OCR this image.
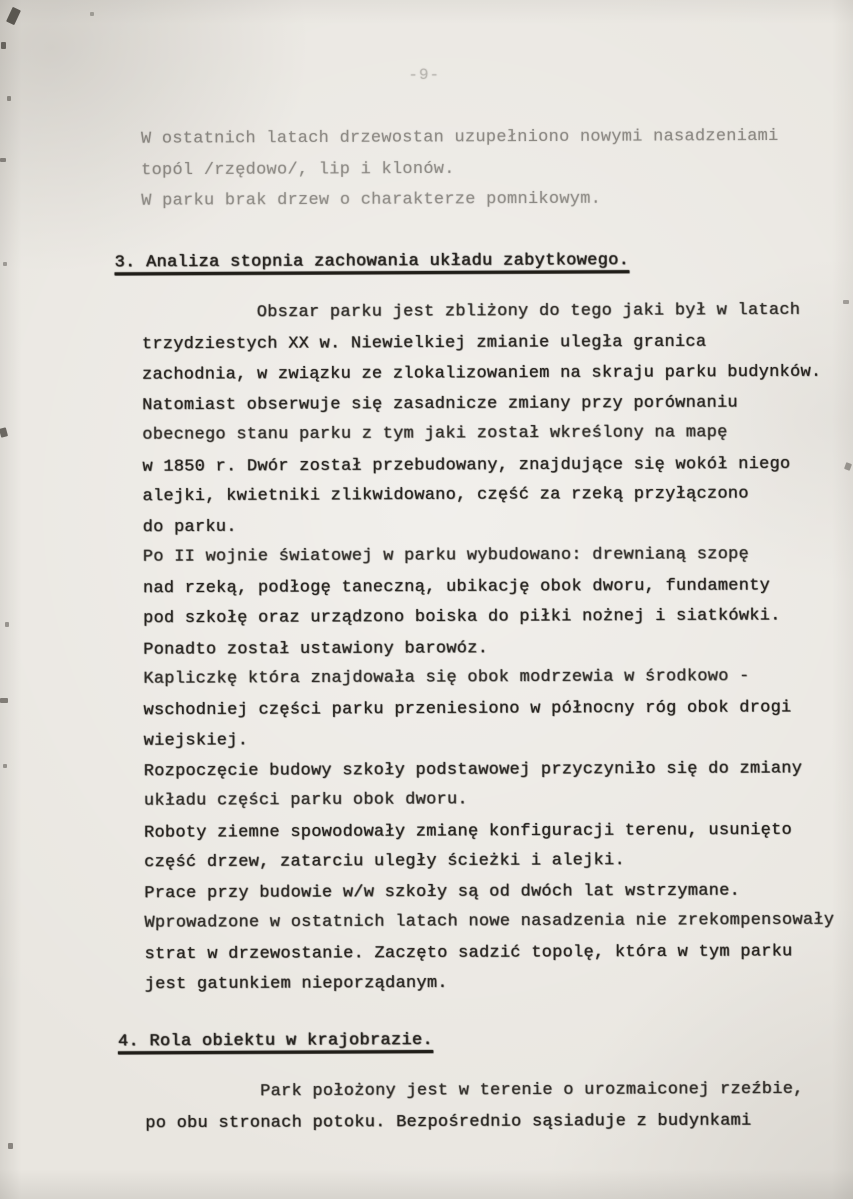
-9-
W ostatnich latach drzewostan uzupełniono nowymi nasadzeniami
topól /rzędowo/, lip i klonów.
W parku brak drzew o charakterze pomnikowym.
3. Analiza stopnia zachowania układu zabytkowego.
Obszar parku jest zbliżony do tego jaki był w latach
trzydziestych XX w. Niewielkiej zmianie uległa granica
zachodnia, w związku ze zlokalizowaniem na skraju parku budynków.
Natomiast obserwuje się zasadnicze zmiany przy porównaniu
obecnego stanu parku z tym jaki został wkreślony na mapę
w 1850 r. Dwór został przebudowany, znajdujące się wokół niego
alejki, kwietniki zlikwidowano, część za rzeką przyłączono
do parku.
Po II wojnie światowej w parku wybudowano: drewnianą szopę
nad rzeką, podłogę taneczną, ubikację obok dworu, fundamenty
pod szkołę oraz urządzono boiska do piłki nożnej i siatkówki.
Ponadto został ustawiony barowóz.
Kapliczkę która znajdowała się obok modrzewia w środkowo -
wschodniej części parku przeniesiono w północny róg obok drogi
wiejskiej.
Rozpoczęcie budowy szkoły podstawowej przyczyniło się do zmiany
układu części parku obok dworu.
Roboty ziemne spowodowały zmianę konfiguracji terenu, usunięto
część drzew, zatarciu uległy ścieżki i alejki.
Prace przy budowie w/w szkoły są od dwóch lat wstrzymane.
Wprowadzone w ostatnich latach nowe nasadzenia nie zrekompensowały
strat w drzewostanie. Zaczęto sadzić topolę, która w tym parku
jest gatunkiem nieporządanym.
4. Rola obiektu w krajobrazie.
Park położony jest w terenie o urozmaiconej rzeźbie,
po obu stronach potoku. Bezpośrednio sąsiaduje z budynkami
